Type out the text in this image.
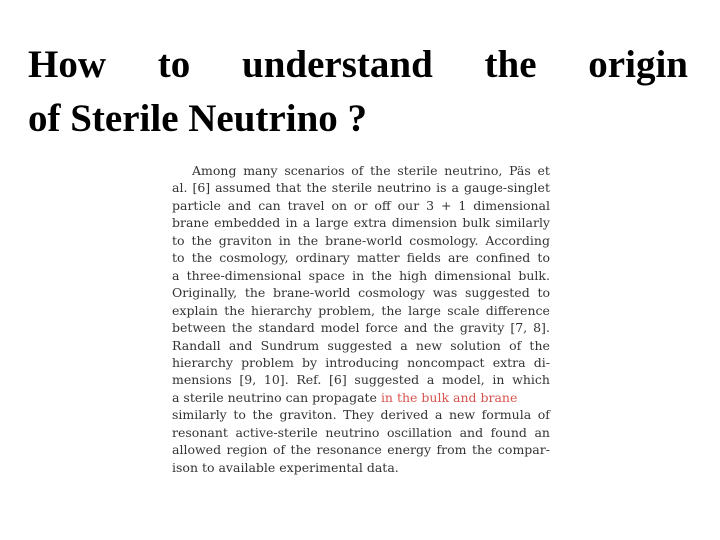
How to understand the origin
of Sterile Neutrino ?
Among many scenarios of the sterile neutrino, Päs et
al. [6] assumed that the sterile neutrino is a gauge-singlet
particle and can travel on or off our 3 + 1 dimensional
brane embedded in a large extra dimension bulk similarly
to the graviton in the brane-world cosmology. According
to the cosmology, ordinary matter fields are confined to
a three-dimensional space in the high dimensional bulk.
Originally, the brane-world cosmology was suggested to
explain the hierarchy problem, the large scale difference
between the standard model force and the gravity [7, 8].
Randall and Sundrum suggested a new solution of the
hierarchy problem by introducing noncompact extra di-
mensions [9, 10]. Ref. [6] suggested a model, in which
a sterile neutrino can propagate in the bulk and brane
similarly to the graviton. They derived a new formula of
resonant active-sterile neutrino oscillation and found an
allowed region of the resonance energy from the compar-
ison to available experimental data.
